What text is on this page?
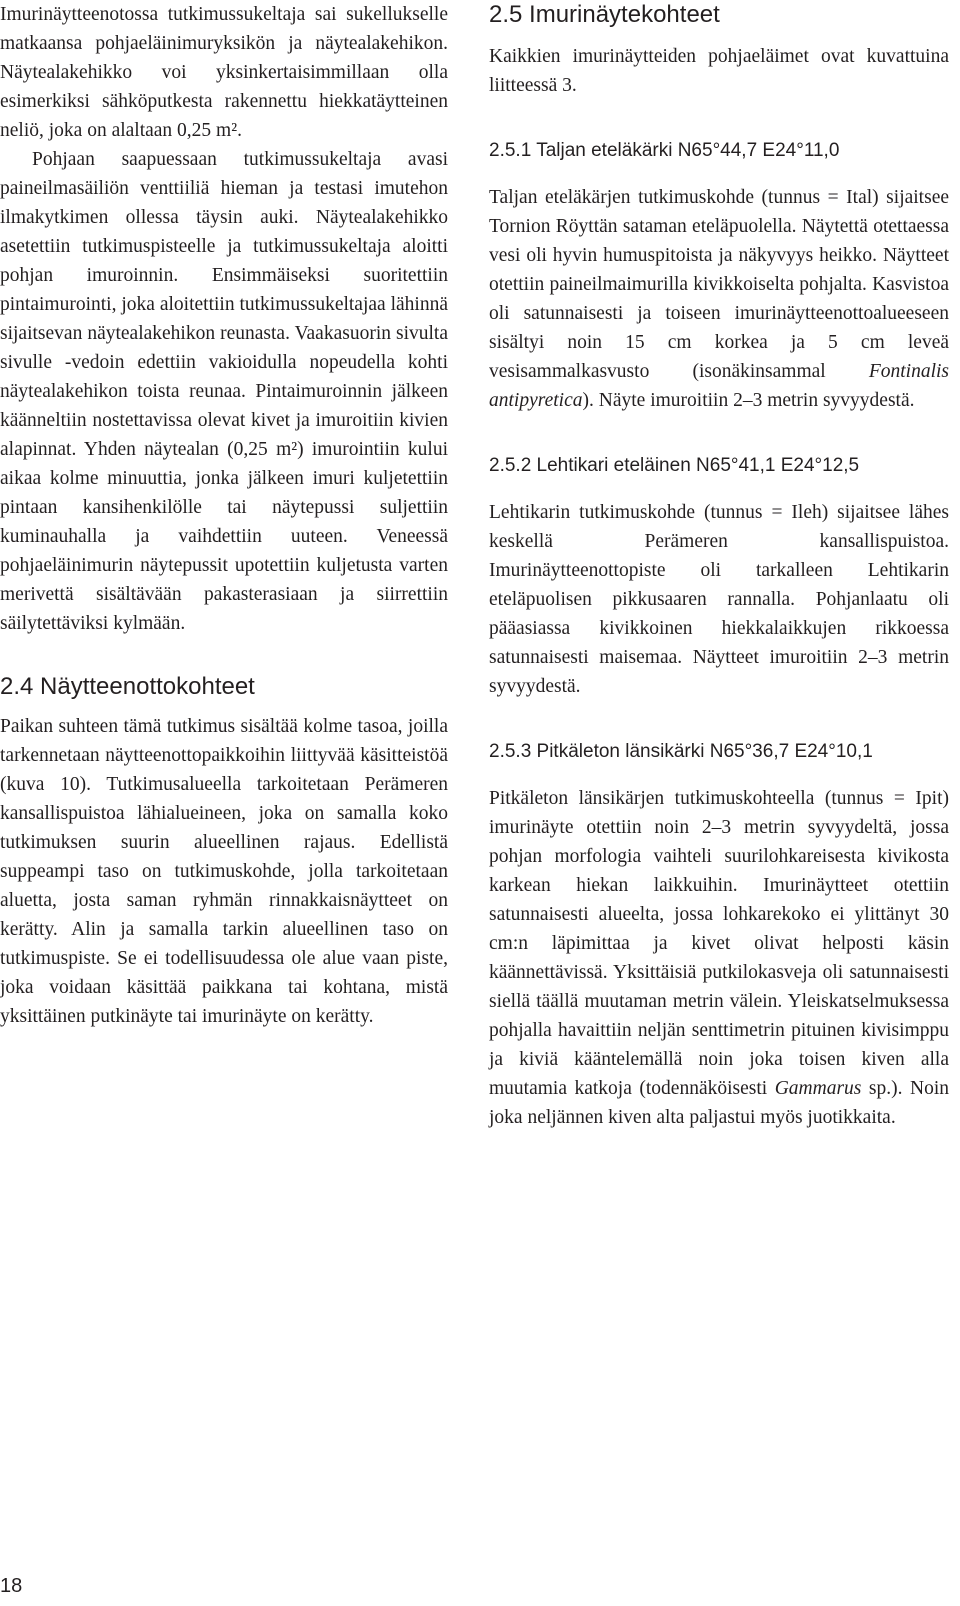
Imurinäytteenotossa tutkimussukeltaja sai sukellukselle matkaansa pohjaeläinimuryksikön ja näytealakehikon. Näytealakehikko voi yksinkertaisimmillaan olla esimerkiksi sähköputkesta rakennettu hiekkatäytteinen neliö, joka on alaltaan 0,25 m².

Pohjaan saapuessaan tutkimussukeltaja avasi paineilmasäiliön venttiiliä hieman ja testasi imutehon ilmakytkimen ollessa täysin auki. Näytealakehikko asetettiin tutkimuspisteelle ja tutkimussukeltaja aloitti pohjan imuroinnin. Ensimmäiseksi suoritettiin pintaimurointi, joka aloitettiin tutkimussukeltajaa lähinnä sijaitsevan näytealakehikon reunasta. Vaakasuorin sivulta sivulle -vedoin edettiin vakioidulla nopeudella kohti näytealakehikon toista reunaa. Pintaimuroinnin jälkeen käänneltiin nostettavissa olevat kivet ja imuroitiin kivien alapinnat. Yhden näytealan (0,25 m²) imurointiin kului aikaa kolme minuuttia, jonka jälkeen imuri kuljetettiin pintaan kansihenkilölle tai näytepussi suljettiin kuminauhalla ja vaihdettiin uuteen. Veneessä pohjaeläinimurin näytepussit upotettiin kuljetusta varten merivettä sisältävään pakasterasiaan ja siirrettiin säilytettäviksi kylmään.

2.4 Näytteenottokohteet

Paikan suhteen tämä tutkimus sisältää kolme tasoa, joilla tarkennetaan näytteenottopaikkoihin liittyvää käsitteistöä (kuva 10). Tutkimusalueella tarkoitetaan Perämeren kansallispuistoa lähialueineen, joka on samalla koko tutkimuksen suurin alueellinen rajaus. Edellistä suppeampi taso on tutkimuskohde, jolla tarkoitetaan aluetta, josta saman ryhmän rinnakkaisnäytteet on kerätty. Alin ja samalla tarkin alueellinen taso on tutkimuspiste. Se ei todellisuudessa ole alue vaan piste, joka voidaan käsittää paikkana tai kohtana, mistä yksittäinen putkinäyte tai imurinäyte on kerätty.

2.5 Imurinäytekohteet

Kaikkien imurinäytteiden pohjaeläimet ovat kuvattuina liitteessä 3.

2.5.1 Taljan eteläkärki N65°44,7 E24°11,0

Taljan eteläkärjen tutkimuskohde (tunnus = Ital) sijaitsee Tornion Röyttän sataman eteläpuolella. Näytettä otettaessa vesi oli hyvin humuspitoista ja näkyvyys heikko. Näytteet otettiin paineilmaimurilla kivikkoiselta pohjalta. Kasvistoa oli satunnaisesti ja toiseen imurinäytteenottoalueeseen sisältyi noin 15 cm korkea ja 5 cm leveä vesisammalkasvusto (isonäkinsammal Fontinalis antipyretica). Näyte imuroitiin 2–3 metrin syvyydestä.

2.5.2 Lehtikari eteläinen N65°41,1 E24°12,5

Lehtikarin tutkimuskohde (tunnus = Ileh) sijaitsee lähes keskellä Perämeren kansallispuistoa. Imurinäytteenottopiste oli tarkalleen Lehtikarin eteläpuolisen pikkusaaren rannalla. Pohjanlaatu oli pääasiassa kivikkoinen hiekkalaikkujen rikkoessa satunnaisesti maisemaa. Näytteet imuroitiin 2–3 metrin syvyydestä.

2.5.3 Pitkäleton länsikärki N65°36,7 E24°10,1

Pitkäleton länsikärjen tutkimuskohteella (tunnus = Ipit) imurinäyte otettiin noin 2–3 metrin syvyydeltä, jossa pohjan morfologia vaihteli suurilohkareisesta kivikosta karkean hiekan laikkuihin. Imurinäytteet otettiin satunnaisesti alueelta, jossa lohkarekoko ei ylittänyt 30 cm:n läpimittaa ja kivet olivat helposti käsin käännettävissä. Yksittäisiä putkilokasveja oli satunnaisesti siellä täällä muutaman metrin välein. Yleiskatselmuksessa pohjalla havaittiin neljän senttimetrin pituinen kivisimppu ja kiviä kääntelemällä noin joka toisen kiven alla muutamia katkoja (todennäköisesti Gammarus sp.). Noin joka neljännen kiven alta paljastui myös juotikkaita.

18
